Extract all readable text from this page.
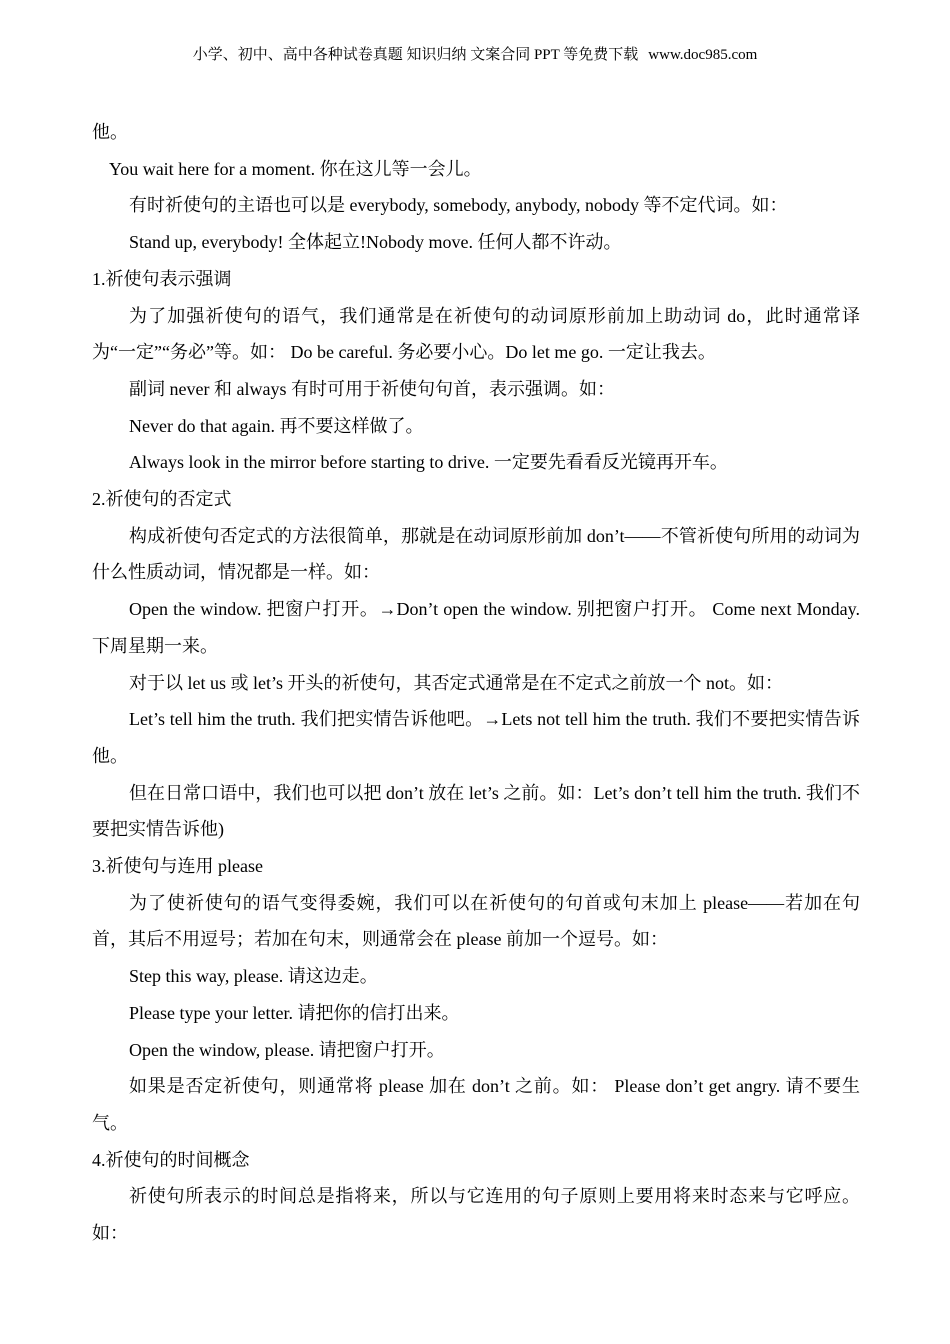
小学、初中、高中各种试卷真题 知识归纳 文案合同 PPT 等免费下载 www.doc985.com

他。

You wait here for a moment. 你在这儿等一会儿。

有时祈使句的主语也可以是 everybody, somebody, anybody, nobody 等不定代词。如：

Stand up, everybody! 全体起立!Nobody move. 任何人都不许动。

1.祈使句表示强调

为了加强祈使句的语气，我们通常是在祈使句的动词原形前加上助动词 do，此时通常译为“一定”“务必”等。如： Do be careful. 务必要小心。Do let me go. 一定让我去。

副词 never 和 always 有时可用于祈使句句首，表示强调。如：

Never do that again. 再不要这样做了。

Always look in the mirror before starting to drive. 一定要先看看反光镜再开车。

2.祈使句的否定式

构成祈使句否定式的方法很简单，那就是在动词原形前加 don’t——不管祈使句所用的动词为什么性质动词，情况都是一样。如：

Open the window. 把窗户打开。→Don’t open the window. 别把窗户打开。 Come next Monday. 下周星期一来。

对于以 let us 或 let’s 开头的祈使句，其否定式通常是在不定式之前放一个 not。如：

Let’s tell him the truth. 我们把实情告诉他吧。→Lets not tell him the truth. 我们不要把实情告诉他。

但在日常口语中，我们也可以把 don’t 放在 let’s 之前。如：Let’s don’t tell him the truth. 我们不要把实情告诉他)

3.祈使句与连用 please

为了使祈使句的语气变得委婉，我们可以在祈使句的句首或句末加上 please——若加在句首，其后不用逗号；若加在句末，则通常会在 please 前加一个逗号。如：

Step this way, please. 请这边走。

Please type your letter. 请把你的信打出来。

Open the window, please. 请把窗户打开。

如果是否定祈使句，则通常将 please 加在 don’t 之前。如： Please don’t get angry. 请不要生气。

4.祈使句的时间概念

祈使句所表示的时间总是指将来，所以与它连用的句子原则上要用将来时态来与它呼应。如：
